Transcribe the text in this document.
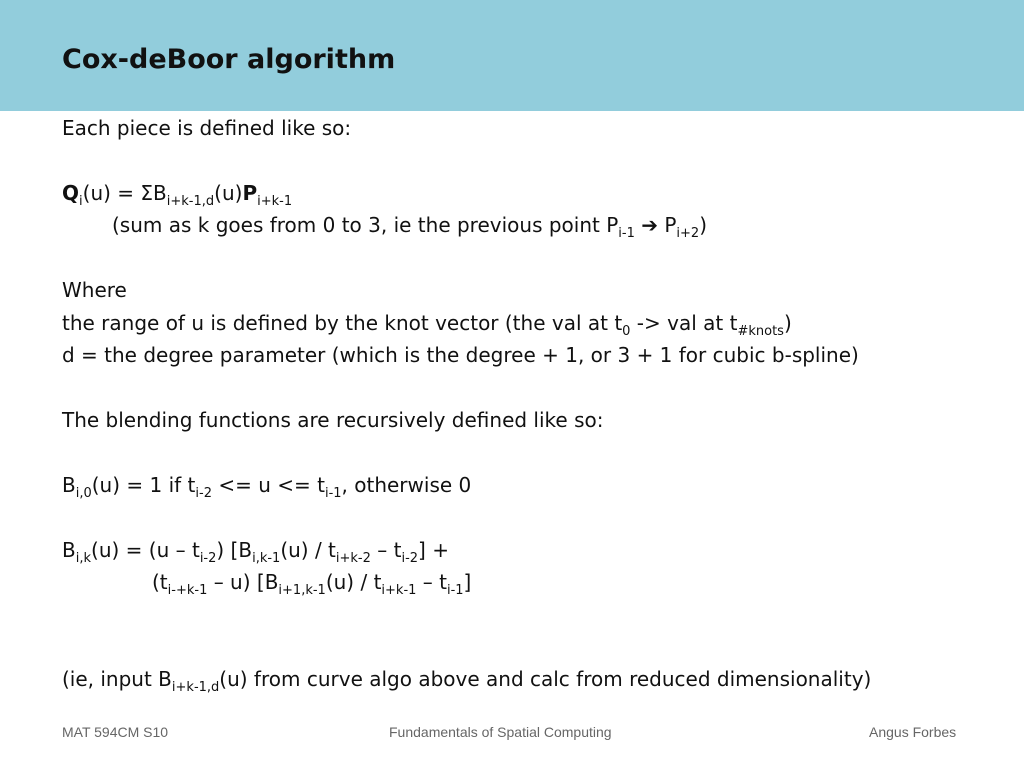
Cox-deBoor algorithm
Each piece is defined like so:
$Q_i(u) = \Sigma B_{i+k-1,d}(u)P_{i+k-1}$
(sum as k goes from 0 to 3, ie the previous point $P_{i-1}$ ➔ $P_{i+2}$)
Where
the range of u is defined by the knot vector (the val at $t_0$ -> val at $t_{\#knots}$)
d = the degree parameter (which is the degree + 1, or 3 + 1 for cubic b-spline)
The blending functions are recursively defined like so:
$B_{i,0}(u) = 1$ if $t_{i-2} <= u <= t_{i-1}$, otherwise 0
$B_{i,k}(u) = (u - t_{i-2})$ $[B_{i,k-1}(u) / t_{i+k-2} - t_{i-2}]$ +
$(t_{i-+k-1} - u)$ $[B_{i+1,k-1}(u) / t_{i+k-1} - t_{i-1}]$
(ie, input $B_{i+k-1,d}(u)$ from curve algo above and calc from reduced dimensionality)
MAT 594CM S10	Fundamentals of Spatial Computing	Angus Forbes
